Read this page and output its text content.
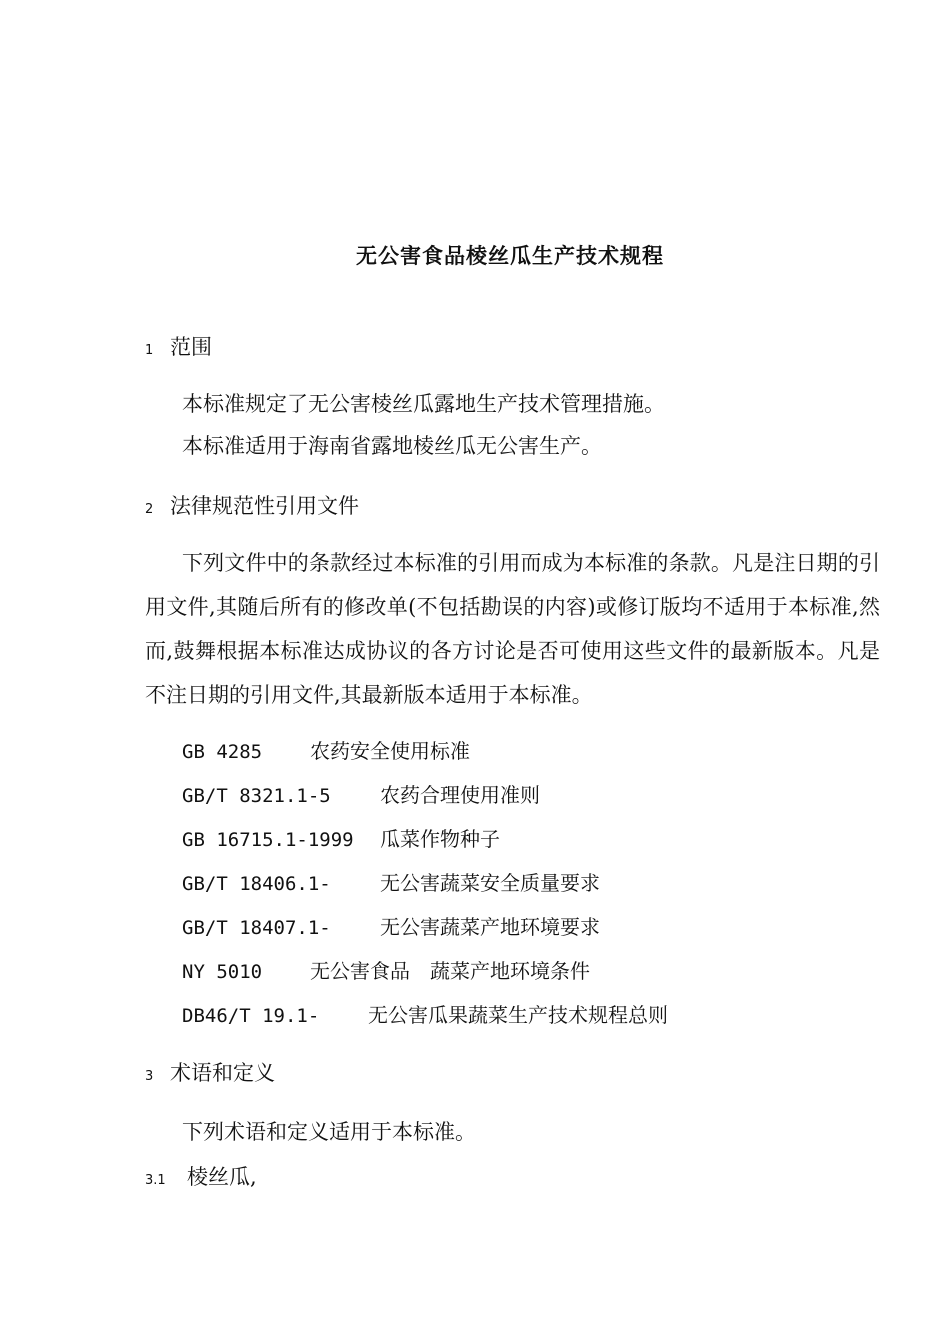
无公害食品棱丝瓜生产技术规程
1 范围
本标准规定了无公害棱丝瓜露地生产技术管理措施。
本标准适用于海南省露地棱丝瓜无公害生产。
2 法律规范性引用文件
下列文件中的条款经过本标准的引用而成为本标准的条款。凡是注日期的引用文件,其随后所有的修改单(不包括勘误的内容)或修订版均不适用于本标准,然而,鼓舞根据本标准达成协议的各方讨论是否可使用这些文件的最新版本。凡是不注日期的引用文件,其最新版本适用于本标准。
GB 4285 农药安全使用标准
GB/T 8321.1-5 农药合理使用准则
GB 16715.1-1999 瓜菜作物种子
GB/T 18406.1- 无公害蔬菜安全质量要求
GB/T 18407.1- 无公害蔬菜产地环境要求
NY 5010 无公害食品　蔬菜产地环境条件
DB46/T 19.1- 无公害瓜果蔬菜生产技术规程总则
3 术语和定义
下列术语和定义适用于本标准。
3.1 棱丝瓜,
